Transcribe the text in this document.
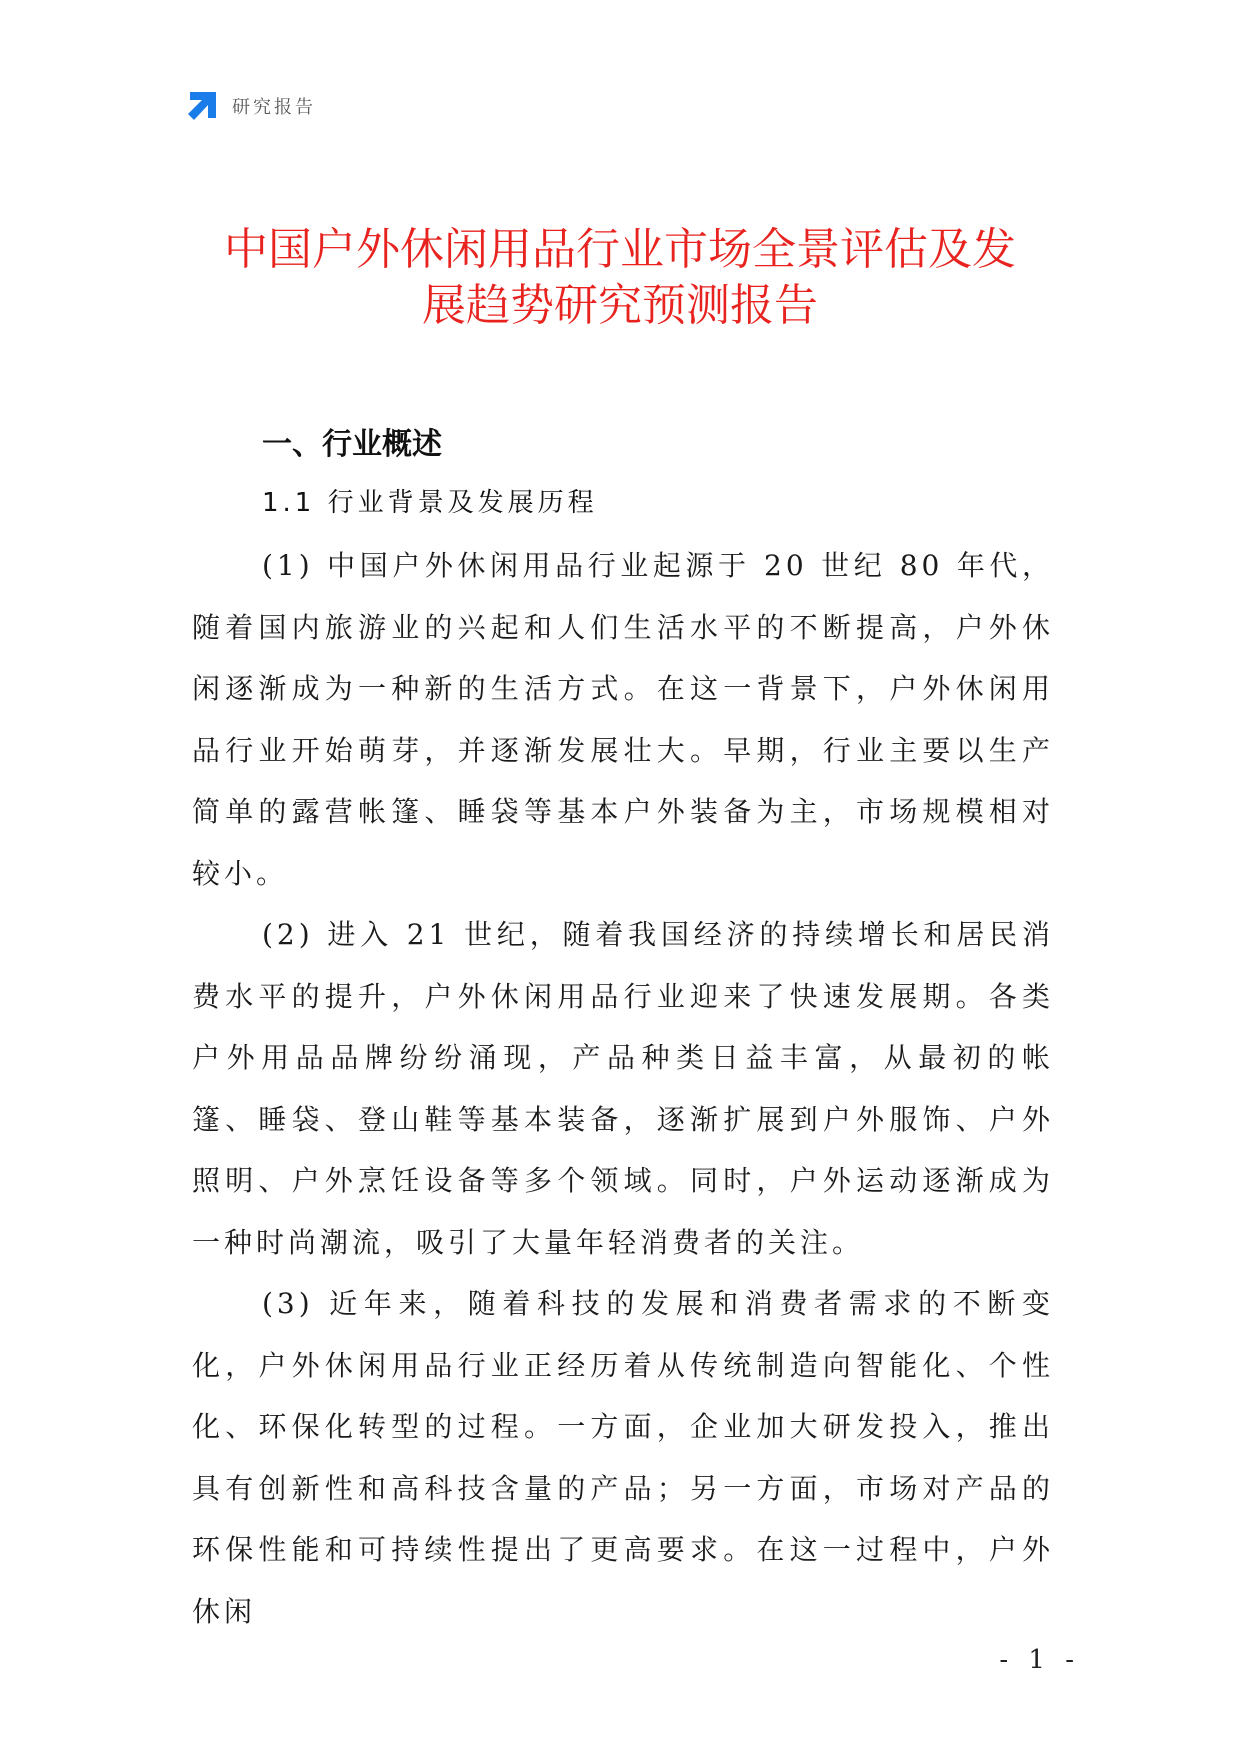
研究报告
中国户外休闲用品行业市场全景评估及发
展趋势研究预测报告
一、行业概述
1.1 行业背景及发展历程

(1) 中国户外休闲用品行业起源于 20 世纪 80 年代，随着国内旅游业的兴起和人们生活水平的不断提高，户外休闲逐渐成为一种新的生活方式。在这一背景下，户外休闲用品行业开始萌芽，并逐渐发展壮大。早期，行业主要以生产简单的露营帐篷、睡袋等基本户外装备为主，市场规模相对较小。

(2) 进入 21 世纪，随着我国经济的持续增长和居民消费水平的提升，户外休闲用品行业迎来了快速发展期。各类户外用品品牌纷纷涌现，产品种类日益丰富，从最初的帐篷、睡袋、登山鞋等基本装备，逐渐扩展到户外服饰、户外照明、户外烹饪设备等多个领域。同时，户外运动逐渐成为一种时尚潮流，吸引了大量年轻消费者的关注。

(3) 近年来，随着科技的发展和消费者需求的不断变化，户外休闲用品行业正经历着从传统制造向智能化、个性化、环保化转型的过程。一方面，企业加大研发投入，推出具有创新性和高科技含量的产品；另一方面，市场对产品的环保性能和可持续性提出了更高要求。在这一过程中，户外休闲

- 1 -
